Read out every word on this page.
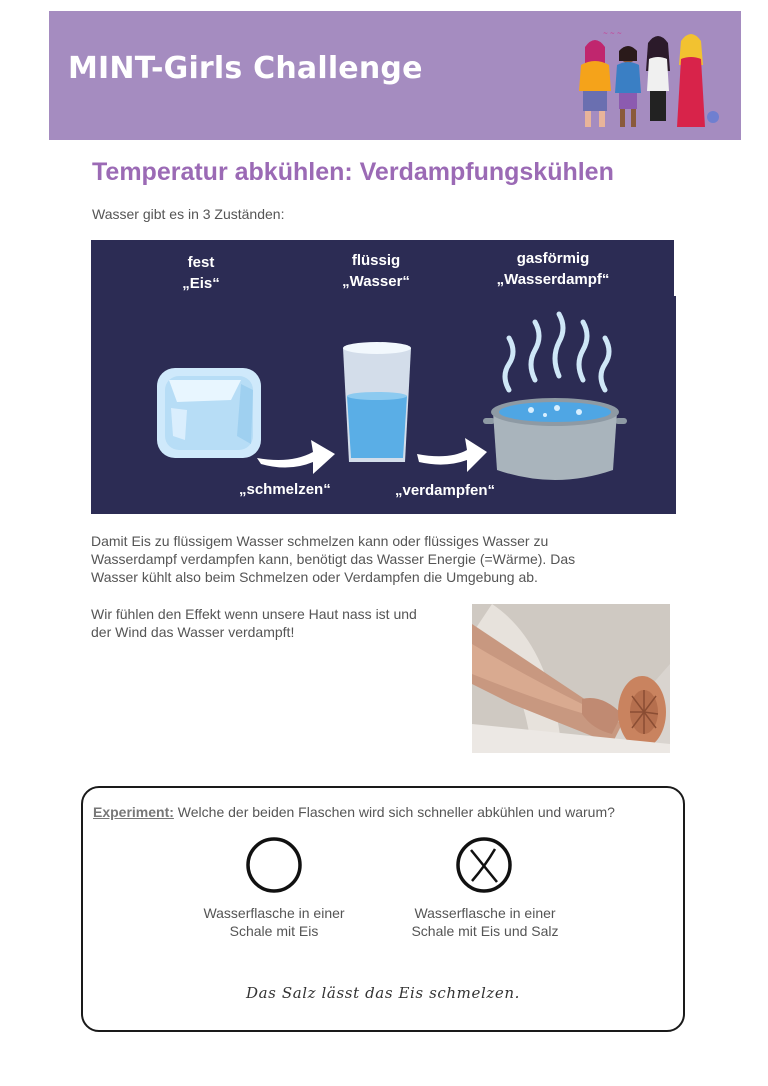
MINT-Girls Challenge
~ ~ ~
Temperatur abkühlen: Verdampfungskühlen
Wasser gibt es in 3 Zuständen:
fest
„Eis“
flüssig
„Wasser“
gasförmig
„Wasserdampf“
„schmelzen“	„verdampfen“
Damit Eis zu flüssigem Wasser schmelzen kann oder flüssiges Wasser zu
Wasserdampf verdampfen kann, benötigt das Wasser Energie (=Wärme). Das
Wasser kühlt also beim Schmelzen oder Verdampfen die Umgebung ab.
Wir fühlen den Effekt wenn unsere Haut nass ist und
der Wind das Wasser verdampft!
Experiment: Welche der beiden Flaschen wird sich schneller abkühlen und warum?
Wasserflasche in einer
Schale mit Eis
Wasserflasche in einer
Schale mit Eis und Salz
Das Salz lässt das Eis schmelzen.
